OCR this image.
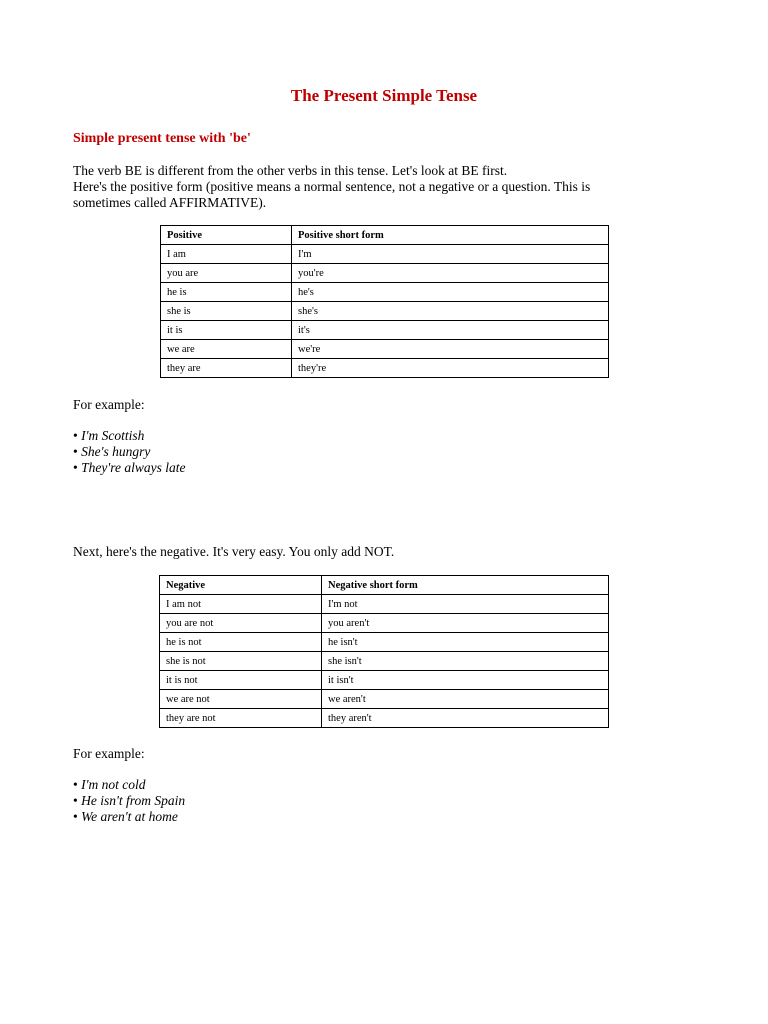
The Present Simple Tense
Simple present tense with 'be'

The verb BE is different from the other verbs in this tense. Let's look at BE first.
Here's the positive form (positive means a normal sentence, not a negative or a question. This is sometimes called AFFIRMATIVE).

Positive	Positive short form
I am	I'm
you are	you're
he is	he's
she is	she's
it is	it's
we are	we're
they are	they're

For example:

• I'm Scottish
• She's hungry
• They're always late

Next, here's the negative. It's very easy. You only add NOT.

Negative	Negative short form
I am not	I'm not
you are not	you aren't
he is not	he isn't
she is not	she isn't
it is not	it isn't
we are not	we aren't
they are not	they aren't

For example:

• I'm not cold
• He isn't from Spain
• We aren't at home
